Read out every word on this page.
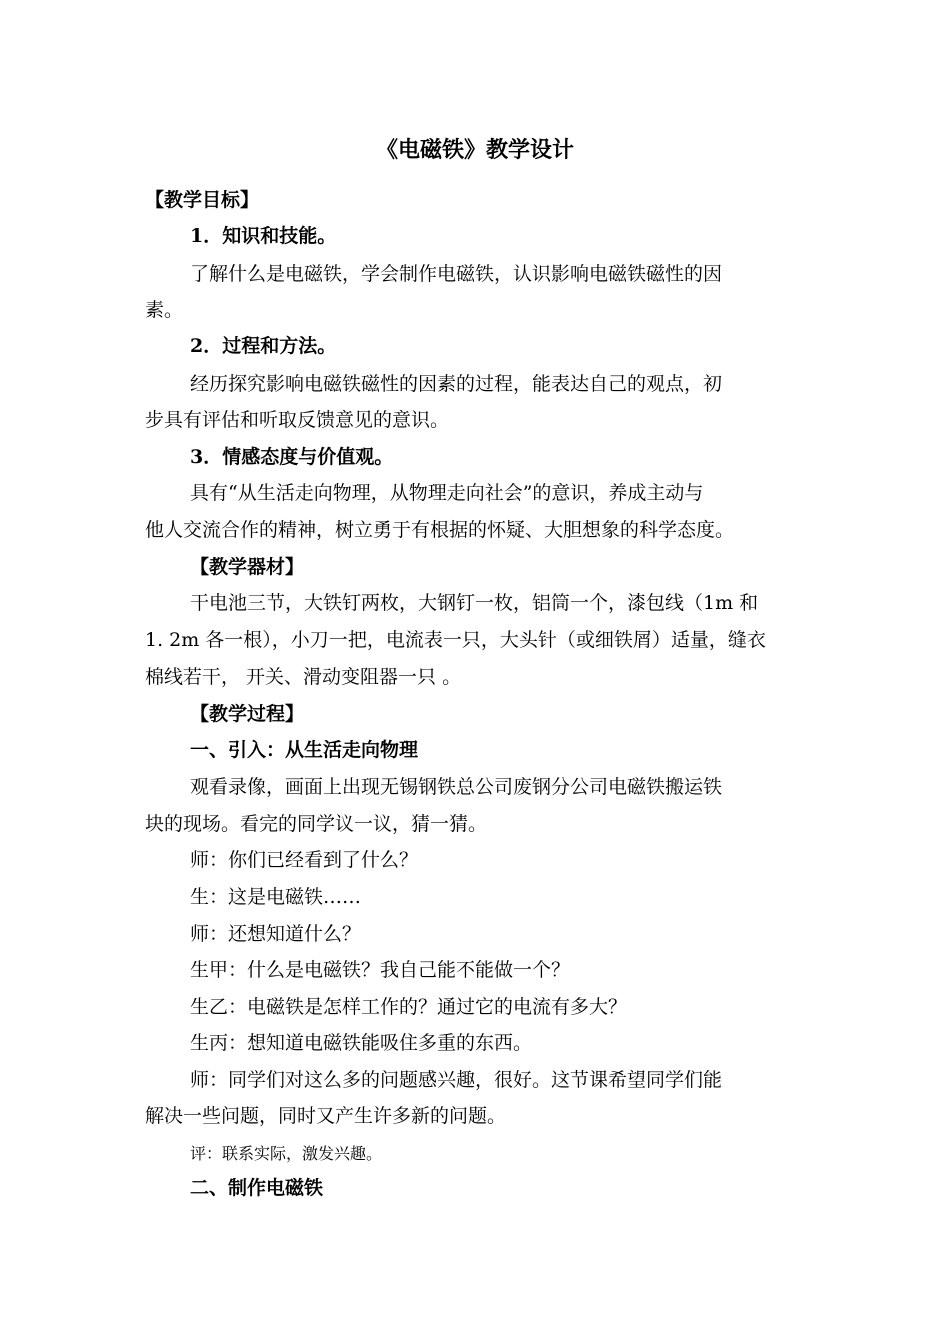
《电磁铁》教学设计
【教学目标】
1．知识和技能。
了解什么是电磁铁，学会制作电磁铁，认识影响电磁铁磁性的因
素。
2．过程和方法。
经历探究影响电磁铁磁性的因素的过程，能表达自己的观点，初
步具有评估和听取反馈意见的意识。
3．情感态度与价值观。
具有“从生活走向物理，从物理走向社会”的意识，养成主动与
他人交流合作的精神，树立勇于有根据的怀疑、大胆想象的科学态度。
【教学器材】
干电池三节，大铁钉两枚，大钢钉一枚，铝筒一个，漆包线（1m 和
1. 2m 各一根），小刀一把，电流表一只，大头针（或细铁屑）适量，缝衣
棉线若干， 开关、滑动变阻器一只 。
【教学过程】
一、引入：从生活走向物理
观看录像，画面上出现无锡钢铁总公司废钢分公司电磁铁搬运铁
块的现场。看完的同学议一议，猜一猜。
师：你们已经看到了什么？
生：这是电磁铁……
师：还想知道什么？
生甲：什么是电磁铁？我自己能不能做一个？
生乙：电磁铁是怎样工作的？通过它的电流有多大？
生丙：想知道电磁铁能吸住多重的东西。
师：同学们对这么多的问题感兴趣，很好。这节课希望同学们能
解决一些问题，同时又产生许多新的问题。
评：联系实际，激发兴趣。
二、制作电磁铁
